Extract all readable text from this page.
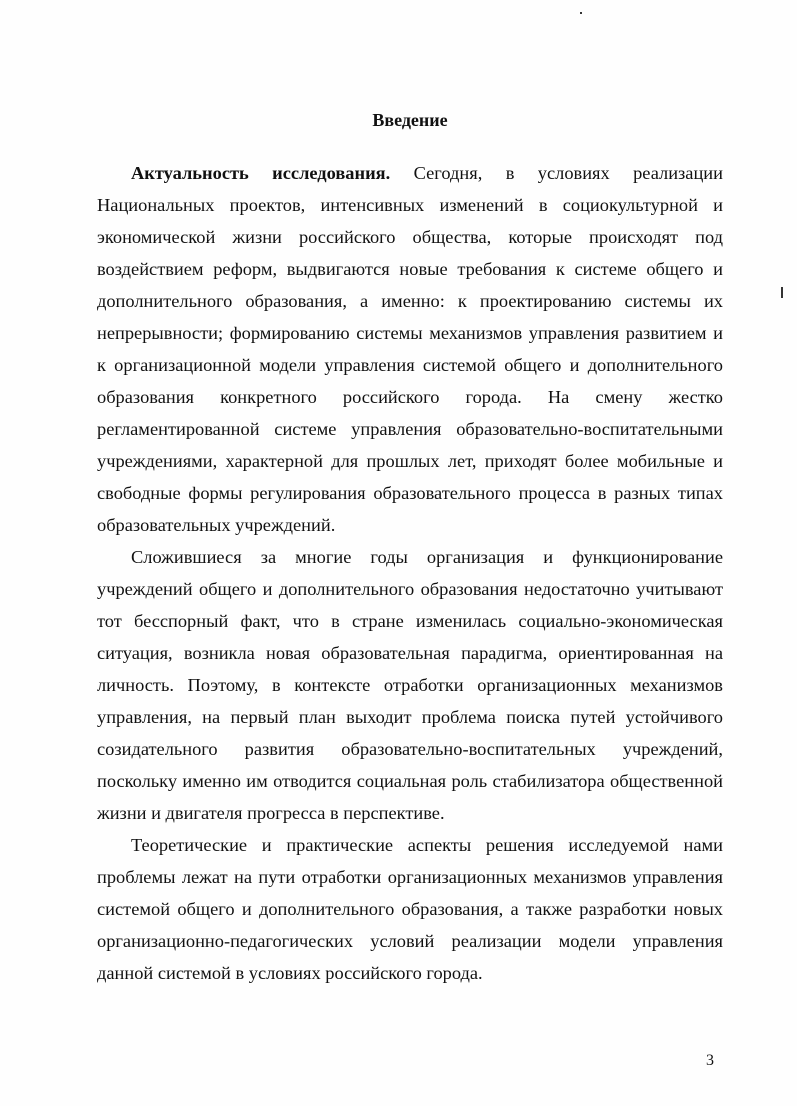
Введение

Актуальность исследования. Сегодня, в условиях реализации Национальных проектов, интенсивных изменений в социокультурной и экономической жизни российского общества, которые происходят под воздействием реформ, выдвигаются новые требования к системе общего и дополнительного образования, а именно: к проектированию системы их непрерывности; формированию системы механизмов управления развитием и к организационной модели управления системой общего и дополнительного образования конкретного российского города. На смену жестко регламентированной системе управления образовательно-воспитательными учреждениями, характерной для прошлых лет, приходят более мобильные и свободные формы регулирования образовательного процесса в разных типах образовательных учреждений.

Сложившиеся за многие годы организация и функционирование учреждений общего и дополнительного образования недостаточно учитывают тот бесспорный факт, что в стране изменилась социально-экономическая ситуация, возникла новая образовательная парадигма, ориентированная на личность. Поэтому, в контексте отработки организационных механизмов управления, на первый план выходит проблема поиска путей устойчивого созидательного развития образовательно-воспитательных учреждений, поскольку именно им отводится социальная роль стабилизатора общественной жизни и двигателя прогресса в перспективе.

Теоретические и практические аспекты решения исследуемой нами проблемы лежат на пути отработки организационных механизмов управления системой общего и дополнительного образования, а также разработки новых организационно-педагогических условий реализации модели управления данной системой в условиях российского города.

3
